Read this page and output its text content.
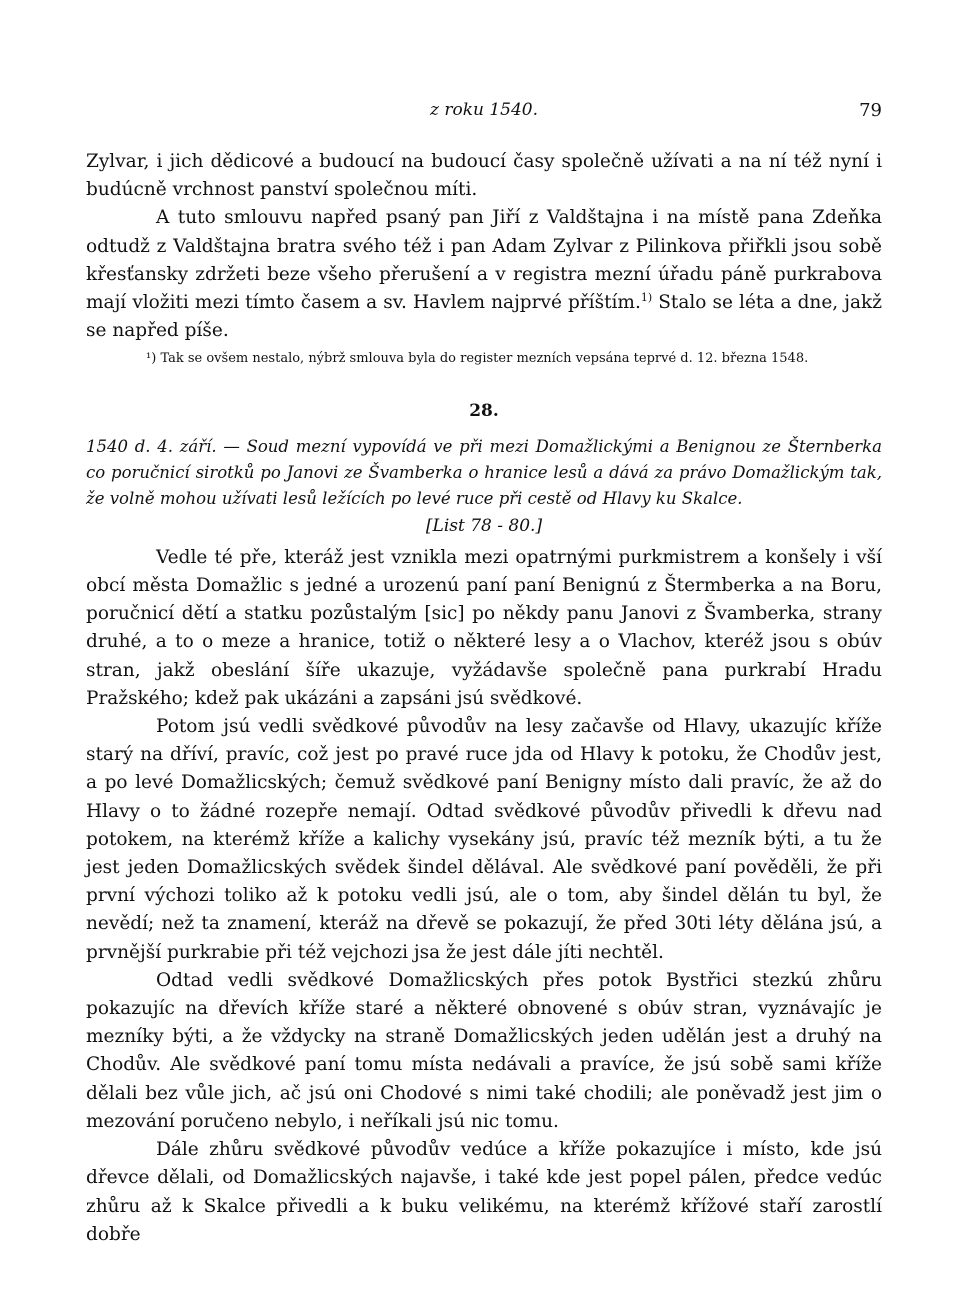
z roku 1540.	79

Zylvar, i jich dědicové a budoucí na budoucí časy společně užívati a na ní též nyní i budúcně vrchnost panství společnou míti.

A tuto smlouvu napřed psaný pan Jiří z Valdštajna i na místě pana Zdeňka odtudž z Valdštajna bratra svého též i pan Adam Zylvar z Pilinkova přiřkli jsou sobě křesťansky zdržeti beze všeho přerušení a v registra mezní úřadu páně purkrabova mají vložiti mezi tímto časem a sv. Havlem najprvé příštím.$^{1)}$ Stalo se léta a dne, jakž se napřed píše.

¹) Tak se ovšem nestalo, nýbrž smlouva byla do register mezních vepsána teprvé d. 12. března 1548.

28.

1540 d. 4. září. — Soud mezní vypovídá ve při mezi Domažlickými a Benignou ze Šternberka co poručnicí sirotků po Janovi ze Švamberka o hranice lesů a dává za právo Domažlickým tak, že volně mohou užívati lesů ležících po levé ruce při cestě od Hlavy ku Skalce.

[List 78 - 80.]

Vedle té pře, kteráž jest vznikla mezi opatrnými purkmistrem a konšely i vší obcí města Domažlic s jedné a urozenú paní paní Benignú z Štermberka a na Boru, poručnicí dětí a statku pozůstalým [sic] po někdy panu Janovi z Švamberka, strany druhé, a to o meze a hranice, totiž o některé lesy a o Vlachov, kteréž jsou s obúv stran, jakž obeslání šíře ukazuje, vyžádavše společně pana purkrabí Hradu Pražského; kdež pak ukázáni a zapsáni jsú svědkové.

Potom jsú vedli svědkové původův na lesy začavše od Hlavy, ukazujíc kříže starý na dříví, pravíc, což jest po pravé ruce jda od Hlavy k potoku, že Chodův jest, a po levé Domažlicských; čemuž svědkové paní Benigny místo dali pravíc, že až do Hlavy o to žádné rozepře nemají. Odtad svědkové původův přivedli k dřevu nad potokem, na kterémž kříže a kalichy vysekány jsú, pravíc též mezník býti, a tu že jest jeden Domažlicských svědek šindel dělával. Ale svědkové paní pověděli, že při první výchozi toliko až k potoku vedli jsú, ale o tom, aby šindel dělán tu byl, že nevědí; než ta znamení, kteráž na dřevě se pokazují, že před 30ti léty dělána jsú, a prvnější purkrabie při též vejchozi jsa že jest dále jíti nechtěl.

Odtad vedli svědkové Domažlicských přes potok Bystřici stezkú zhůru pokazujíc na dřevích kříže staré a některé obnovené s obúv stran, vyznávajíc je mezníky býti, a že vždycky na straně Domažlicských jeden udělán jest a druhý na Chodův. Ale svědkové paní tomu místa nedávali a pravíce, že jsú sobě sami kříže dělali bez vůle jich, ač jsú oni Chodové s nimi také chodili; ale poněvadž jest jim o mezování poručeno nebylo, i neříkali jsú nic tomu.

Dále zhůru svědkové původův vedúce a kříže pokazujíce i místo, kde jsú dřevce dělali, od Domažlicských najavše, i také kde jest popel pálen, předce vedúc zhůru až k Skalce přivedli a k buku velikému, na kterémž křížové staří zarostlí dobře
